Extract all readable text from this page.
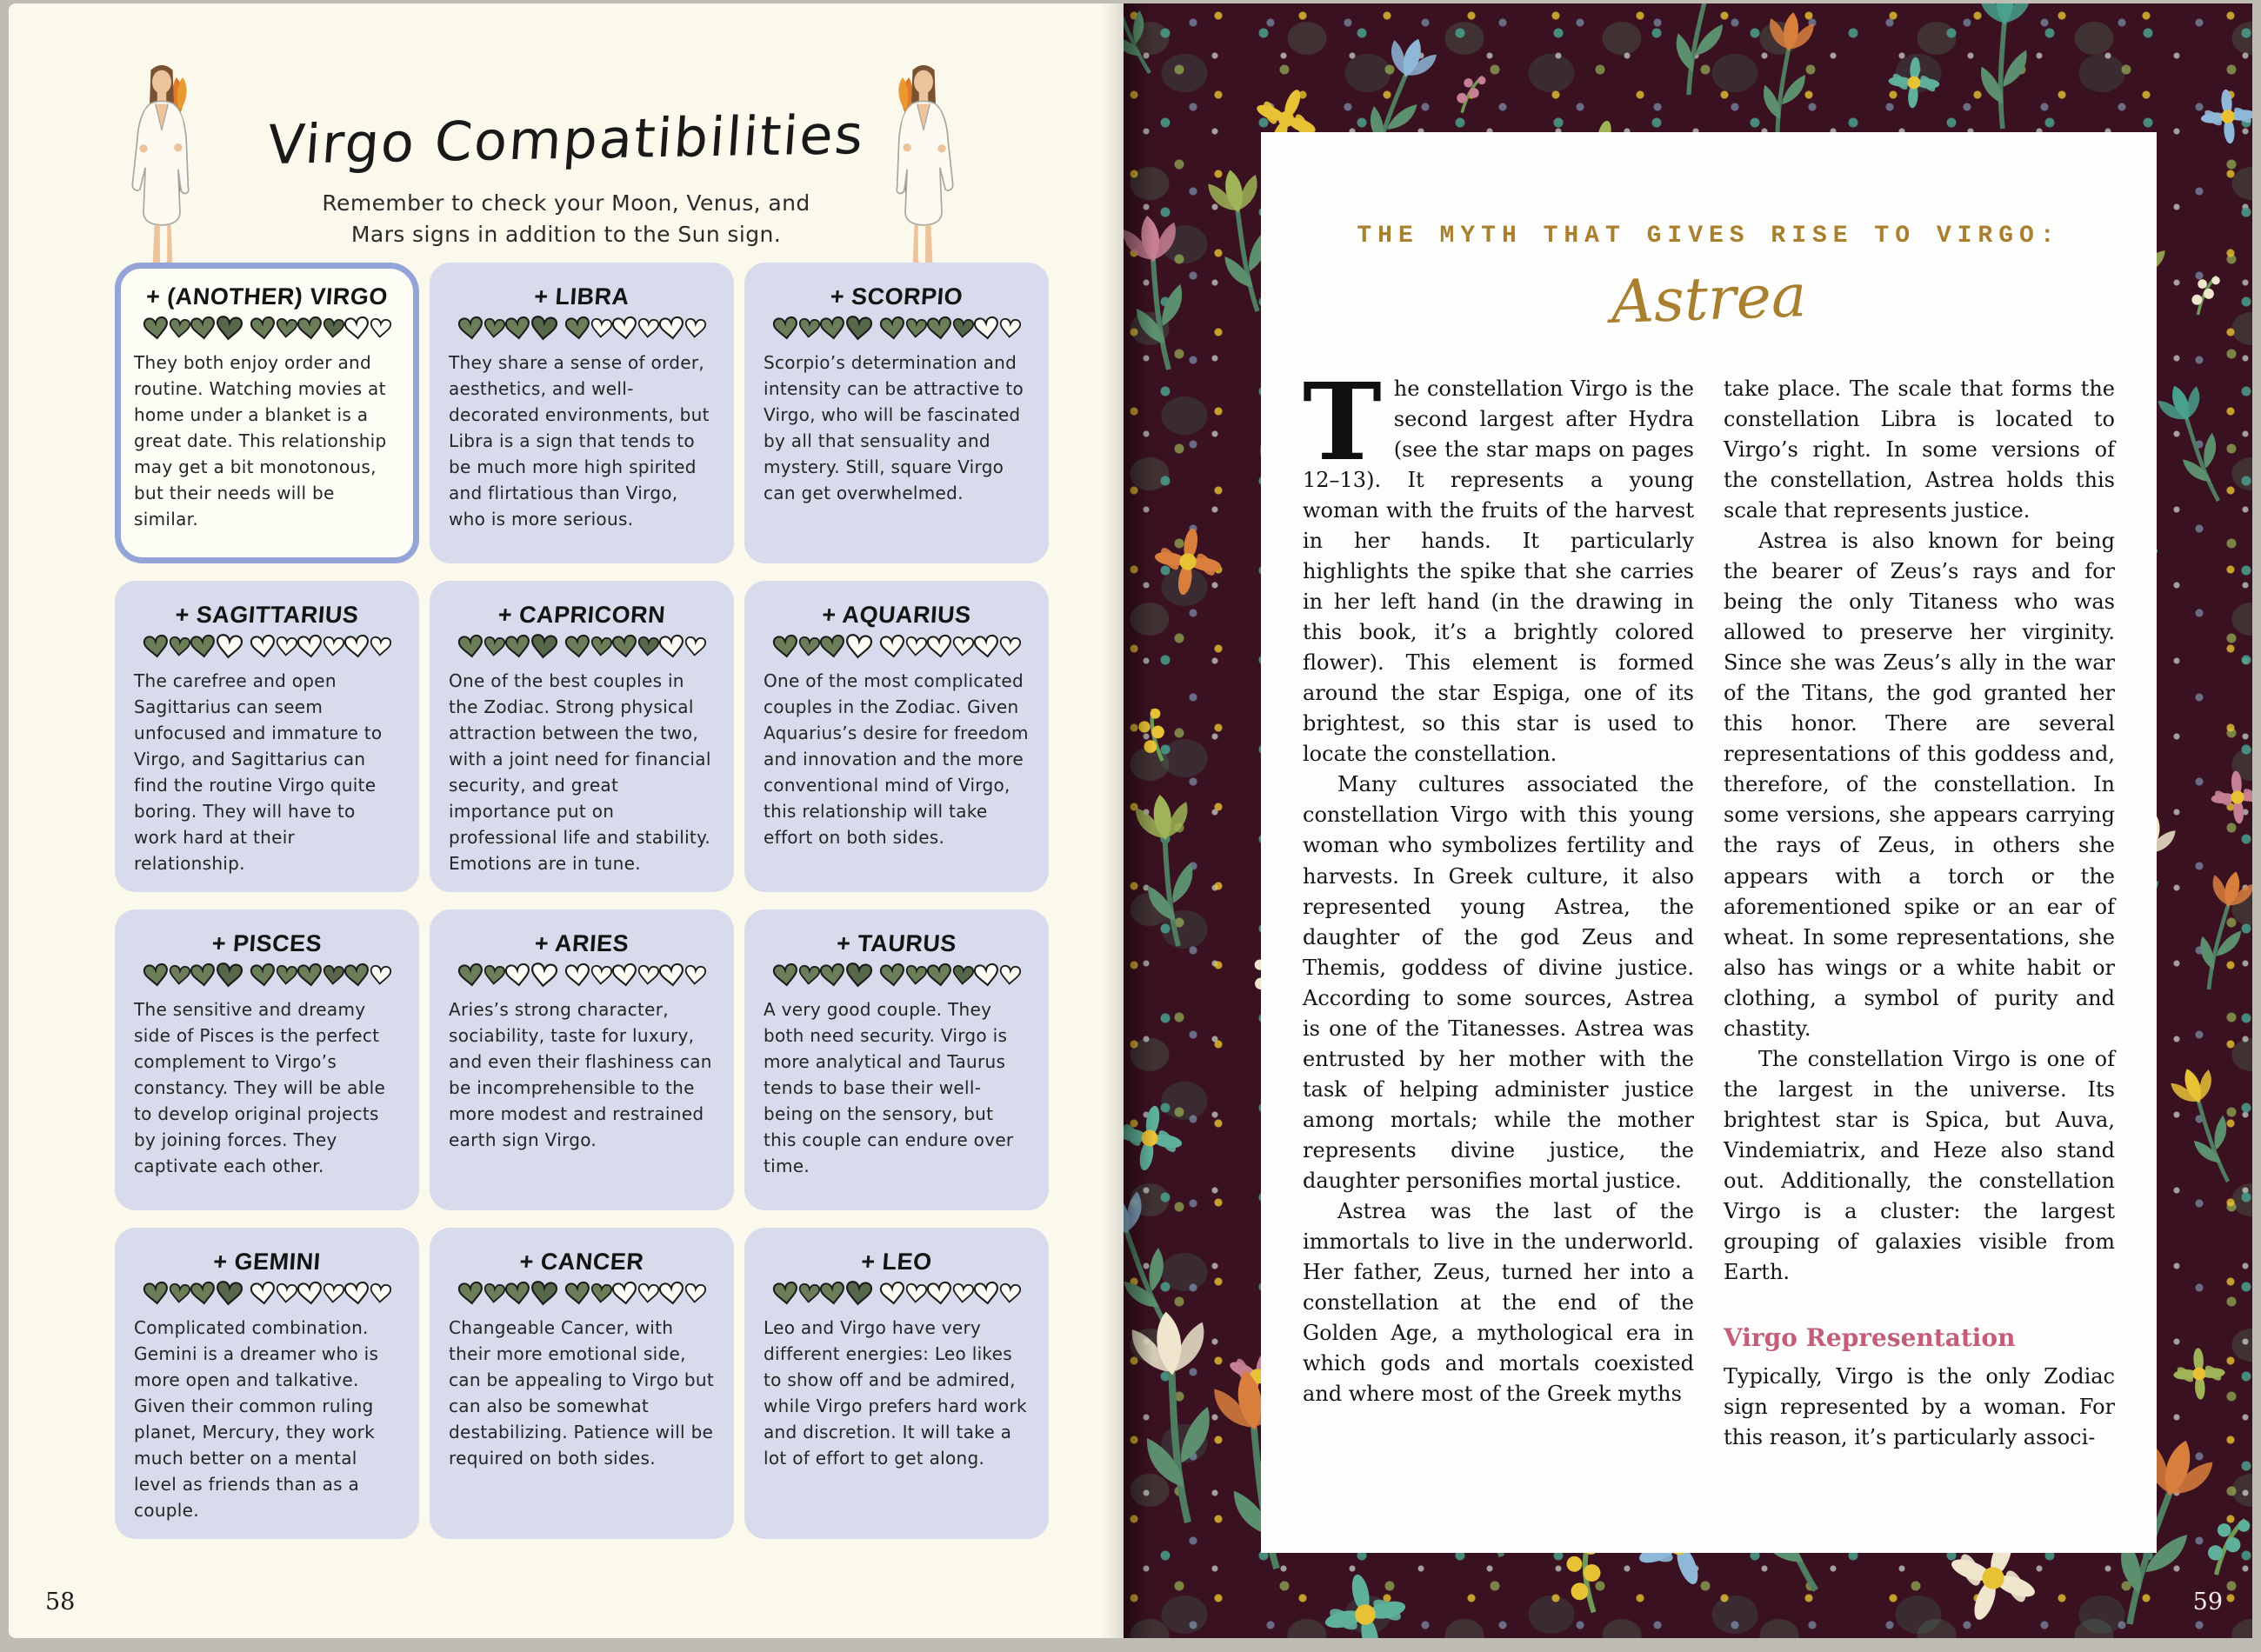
Virgo Compatibilities
Remember to check your Moon, Venus, and
Mars signs in addition to the Sun sign.
+ (ANOTHER) VIRGO

They both enjoy order and routine. Watching movies at home under a blanket is a great date. This relationship may get a bit monotonous, but their needs will be similar.

+ LIBRA

They share a sense of order, aesthetics, and well-decorated environments, but Libra is a sign that tends to be much more high spirited and flirtatious than Virgo, who is more serious.

+ SCORPIO

Scorpio’s determination and intensity can be attractive to Virgo, who will be fascinated by all that sensuality and mystery. Still, square Virgo can get overwhelmed.

+ SAGITTARIUS

The carefree and open Sagittarius can seem unfocused and immature to Virgo, and Sagittarius can find the routine Virgo quite boring. They will have to work hard at their relationship.

+ CAPRICORN

One of the best couples in the Zodiac. Strong physical attraction between the two, with a joint need for financial security, and great importance put on professional life and stability. Emotions are in tune.

+ AQUARIUS

One of the most complicated couples in the Zodiac. Given Aquarius’s desire for freedom and innovation and the more conventional mind of Virgo, this relationship will take effort on both sides.

+ PISCES

The sensitive and dreamy side of Pisces is the perfect complement to Virgo’s constancy. They will be able to develop original projects by joining forces. They captivate each other.

+ ARIES

Aries’s strong character, sociability, taste for luxury, and even their flashiness can be incomprehensible to the more modest and restrained earth sign Virgo.

+ TAURUS

A very good couple. They both need security. Virgo is more analytical and Taurus tends to base their well-being on the sensory, but this couple can endure over time.

+ GEMINI

Complicated combination. Gemini is a dreamer who is more open and talkative. Given their common ruling planet, Mercury, they work much better on a mental level as friends than as a couple.

+ CANCER

Changeable Cancer, with their more emotional side, can be appealing to Virgo but can also be somewhat destabilizing. Patience will be required on both sides.

+ LEO

Leo and Virgo have very different energies: Leo likes to show off and be admired, while Virgo prefers hard work and discretion. It will take a lot of effort to get along.

58
THE MYTH THAT GIVES RISE TO VIRGO:
Astrea

The constellation Virgo is the second largest after Hydra (see the star maps on pages 12–13). It represents a young woman with the fruits of the harvest in her hands. It particularly highlights the spike that she carries in her left hand (in the drawing in this book, it’s a brightly colored flower). This element is formed around the star Espiga, one of its brightest, so this star is used to locate the constellation.

Many cultures associated the constellation Virgo with this young woman who symbolizes fertility and harvests. In Greek culture, it also represented young Astrea, the daughter of the god Zeus and Themis, goddess of divine justice. According to some sources, Astrea is one of the Titanesses. Astrea was entrusted by her mother with the task of helping administer justice among mortals; while the mother represents divine justice, the daughter personifies mortal justice.

Astrea was the last of the immortals to live in the underworld. Her father, Zeus, turned her into a constellation at the end of the Golden Age, a mythological era in which gods and mortals coexisted and where most of the Greek myths

take place. The scale that forms the constellation Libra is located to Virgo’s right. In some versions of the constellation, Astrea holds this scale that represents justice.

Astrea is also known for being the bearer of Zeus’s rays and for being the only Titaness who was allowed to preserve her virginity. Since she was Zeus’s ally in the war of the Titans, the god granted her this honor. There are several representations of this goddess and, therefore, of the constellation. In some versions, she appears carrying the rays of Zeus, in others she appears with a torch or the aforementioned spike or an ear of wheat. In some representations, she also has wings or a white habit or clothing, a symbol of purity and chastity.

The constellation Virgo is one of the largest in the universe. Its brightest star is Spica, but Auva, Vindemiatrix, and Heze also stand out. Additionally, the constellation Virgo is a cluster: the largest grouping of galaxies visible from Earth.

Virgo Representation

Typically, Virgo is the only Zodiac sign represented by a woman. For this reason, it’s particularly associ-

59
